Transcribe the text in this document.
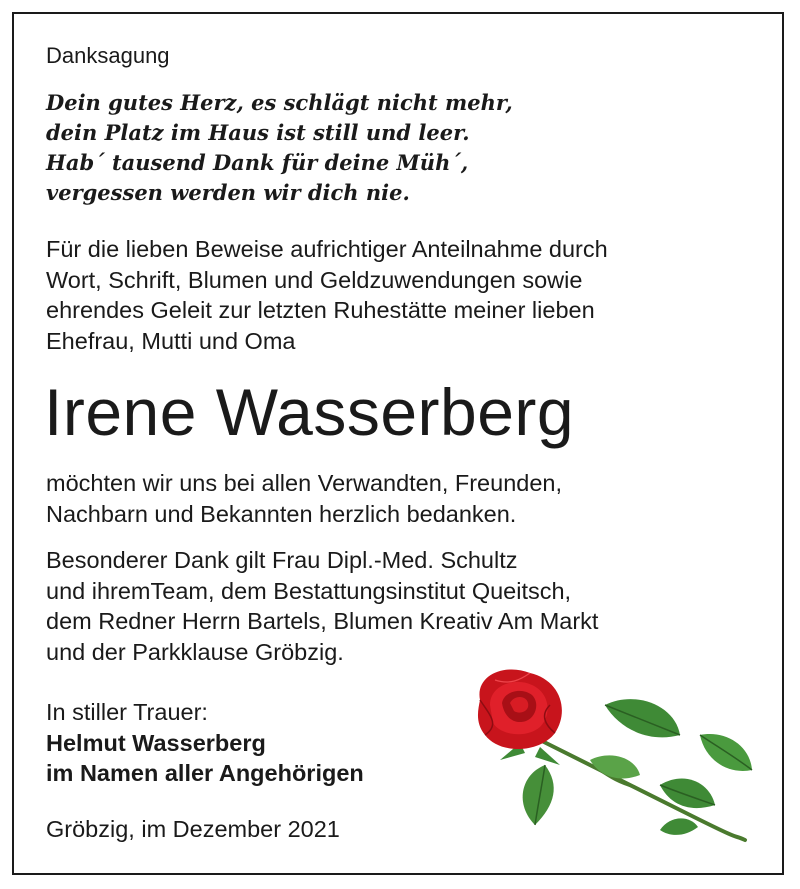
Danksagung
Dein gutes Herz, es schlägt nicht mehr,
dein Platz im Haus ist still und leer.
Hab´ tausend Dank für deine Müh´,
vergessen werden wir dich nie.
Für die lieben Beweise aufrichtiger Anteilnahme durch
Wort, Schrift, Blumen und Geldzuwendungen sowie
ehrendes Geleit zur letzten Ruhestätte meiner lieben
Ehefrau, Mutti und Oma
Irene Wasserberg
möchten wir uns bei allen Verwandten, Freunden,
Nachbarn und Bekannten herzlich bedanken.
Besonderer Dank gilt Frau Dipl.-Med. Schultz
und ihremTeam, dem Bestattungsinstitut Queitsch,
dem Redner Herrn Bartels, Blumen Kreativ Am Markt
und der Parkklause Gröbzig.
In stiller Trauer:
Helmut Wasserberg
im Namen aller Angehörigen
Gröbzig, im Dezember 2021
